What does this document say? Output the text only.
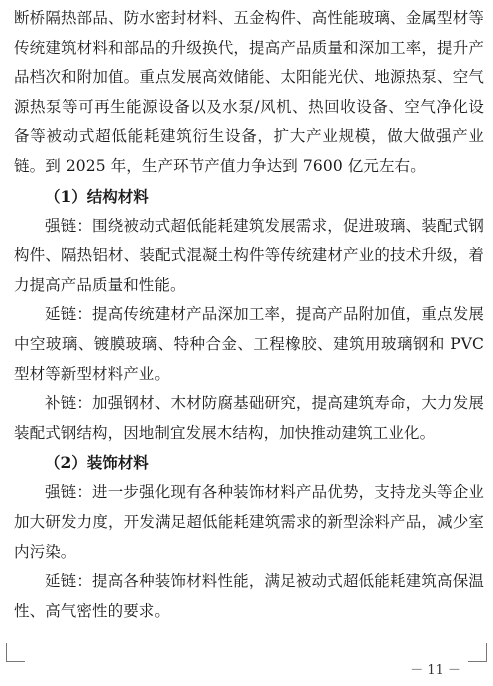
断桥隔热部品、防水密封材料、五金构件、高性能玻璃、金属型材等传统建筑材料和部品的升级换代，提高产品质量和深加工率，提升产品档次和附加值。重点发展高效储能、太阳能光伏、地源热泵、空气源热泵等可再生能源设备以及水泵/风机、热回收设备、空气净化设备等被动式超低能耗建筑衍生设备，扩大产业规模，做大做强产业链。到 2025 年，生产环节产值力争达到 7600 亿元左右。

（1）结构材料

强链：围绕被动式超低能耗建筑发展需求，促进玻璃、装配式钢构件、隔热铝材、装配式混凝土构件等传统建材产业的技术升级，着力提高产品质量和性能。

延链：提高传统建材产品深加工率，提高产品附加值，重点发展中空玻璃、镀膜玻璃、特种合金、工程橡胶、建筑用玻璃钢和 PVC 型材等新型材料产业。

补链：加强钢材、木材防腐基础研究，提高建筑寿命，大力发展装配式钢结构，因地制宜发展木结构，加快推动建筑工业化。

（2）装饰材料

强链：进一步强化现有各种装饰材料产品优势，支持龙头等企业加大研发力度，开发满足超低能耗建筑需求的新型涂料产品，减少室内污染。

延链：提高各种装饰材料性能，满足被动式超低能耗建筑高保温性、高气密性的要求。

－ 11 －
